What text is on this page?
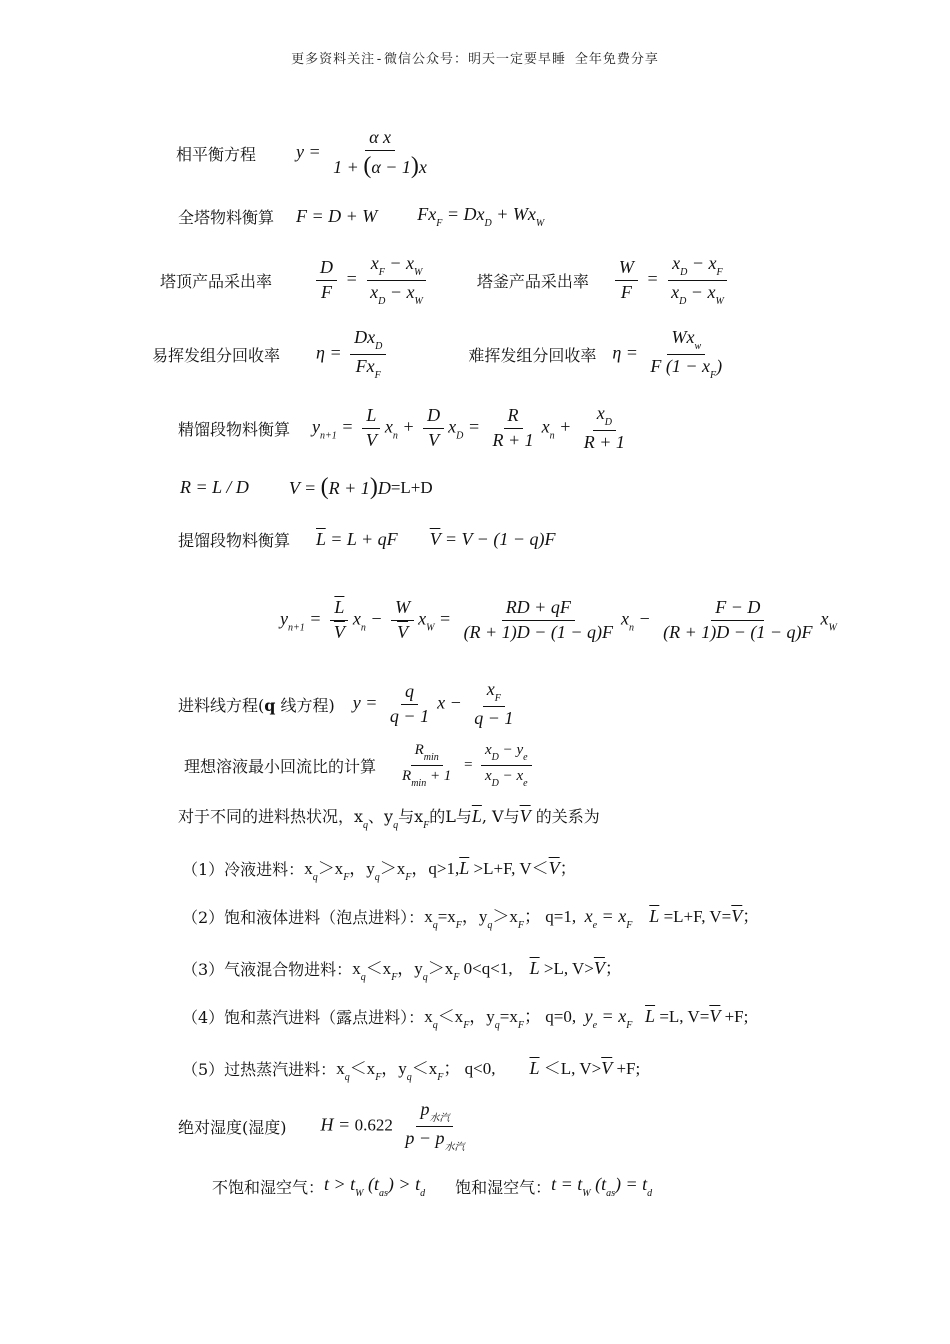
更多资料关注-微信公众号：明天一定要早睡 全年免费分享
相平衡方程 $y = \frac{\text{α x}}{1 + (\alpha - 1)x}$
全塔物料衡算 F = D + W $Fx_F = Dx_D + Wx_W$
塔顶产品采出率 $\frac{D}{F} = \frac{x_F - x_W}{x_D - x_W}$	塔釜产品采出率 $\frac{W}{F} = \frac{x_D - x_F}{x_D - x_W}$
易挥发组分回收率 $\eta = \frac{Dx_D}{Fx_F}$	难挥发组分回收率 $\eta = \frac{Wx_w}{F (1 - x_F)}$
精馏段物料衡算 $y_{n+1} = \frac{L}{V} x_n + \frac{D}{V} x_D = \frac{R}{R + 1} x_n + \frac{x_D}{R + 1}$
R = L / D V = (R + 1)D =L+D
提馏段物料衡算 $\overline{L} = L$ + qF $\overline{V} = V - (1 - q)F$
$y_{n+1} = \frac{\overline{L}}{V} x_n - \frac{W}{V} x_W = \frac{RD + qF}{(R + 1)D - (1 - q)F} x_n - \frac{F - D}{(R + 1)D - (1 - q)F} x_W$
进料线方程(q 线方程) $y = \frac{q}{q - 1}$ $x - \frac{x_F}{q - 1}$
理想溶液最小回流比的计算 $\frac{R_{min}}{R_{min} + 1} = \frac{x_D - y_e}{x_D - x_e}$
对于不同的进料热状况，$x_q$、$y_q$与$x_F$的L与$\overline{L}$, V与$\overline{V}$ 的关系为
（1）冷液进料： $x_q>x_F$，$y_q>x_F$，$q>1,\overline{L} >L+F$, $V<\overline{V}$；
（2）饱和液体进料（泡点进料）： $x_q=x_F$，$y_q>x_F$； q=1, $x_e = x_F$ $\overline{L} =L+F$, $V=\overline{V}$；
（3）气液混合物进料： $x_q<x_F$，$y_q>x_F$ 0<q<1, $\overline{L} >L$, $V>\overline{V}$；
（4）饱和蒸汽进料（露点进料）： $x_q<x_F$，$y_q=x_F$； q=0, $y_e = x_F$ $\overline{L} =L$, $V=\overline{V} +F$;
（5）过热蒸汽进料： $x_q<x_F$，$y_q<x_F$； q<0, $\overline{L} <L$, $V>\overline{V} +F$;
绝对湿度(湿度) $H = 0.622 \frac{p_{水汽}}{p - p_{水汽}}$
不饱和湿空气： $t > t_W$ $(t_{as}) > t_d$ 饱和湿空气： $t = t_W$ $(t_{as}) = t_d$
